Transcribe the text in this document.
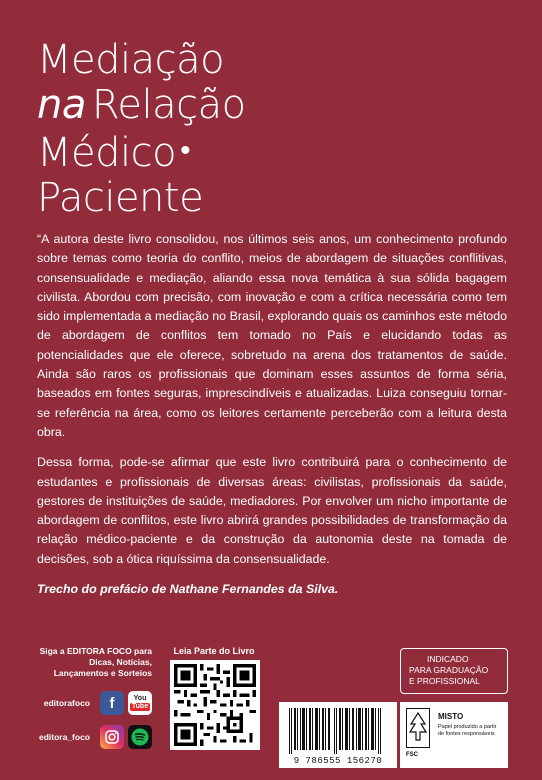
Mediação
na Relação
Médico •
Paciente

“A autora deste livro consolidou, nos últimos seis anos, um conhecimento profundo sobre temas como teoria do conflito, meios de abordagem de situações conflitivas, consensualidade e mediação, aliando essa nova temática à sua sólida bagagem civilista. Abordou com precisão, com inovação e com a crítica necessária como tem sido implementada a mediação no Brasil, explorando quais os caminhos este método de abordagem de conflitos tem tomado no País e elucidando todas as potencialidades que ele oferece, sobretudo na arena dos tratamentos de saúde. Ainda são raros os profissionais que dominam esses assuntos de forma séria, baseados em fontes seguras, imprescindíveis e atualizadas. Luiza conseguiu tornar-se referência na área, como os leitores certamente perceberão com a leitura desta obra.

Dessa forma, pode-se afirmar que este livro contribuirá para o conhecimento de estudantes e profissionais de diversas áreas: civilistas, profissionais da saúde, gestores de instituições de saúde, mediadores. Por envolver um nicho importante de abordagem de conflitos, este livro abrirá grandes possibilidades de transformação da relação médico-paciente e da construção da autonomia deste na tomada de decisões, sob a ótica riquíssima da consensualidade.

Trecho do prefácio de Nathane Fernandes da Silva.

Siga a EDITORA FOCO para Dicas, Notícias, Lançamentos e Sorteios
editorafoco f	You
Tube
editora_foco
Leia Parte do Livro
INDICADO
PARA GRADUAÇÃO
E PROFISSIONAL
9 786555 156270
FSC
MISTO
Papel produzido a partir de fontes responsáveis
